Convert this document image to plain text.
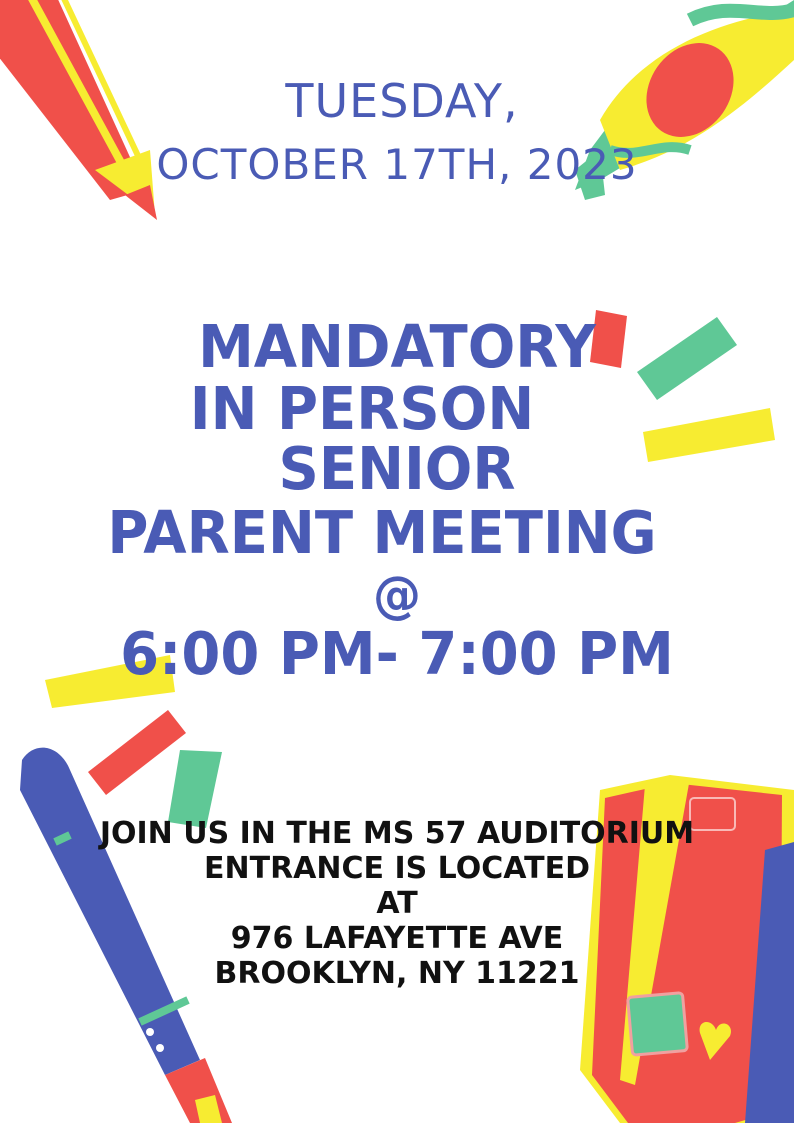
TUESDAY,
OCTOBER 17TH, 2023
MANDATORY
IN PERSON
SENIOR
PARENT MEETING
@
6:00 PM- 7:00 PM
JOIN US IN THE MS 57 AUDITORIUM
ENTRANCE IS LOCATED
AT
976 LAFAYETTE AVE
BROOKLYN, NY 11221
